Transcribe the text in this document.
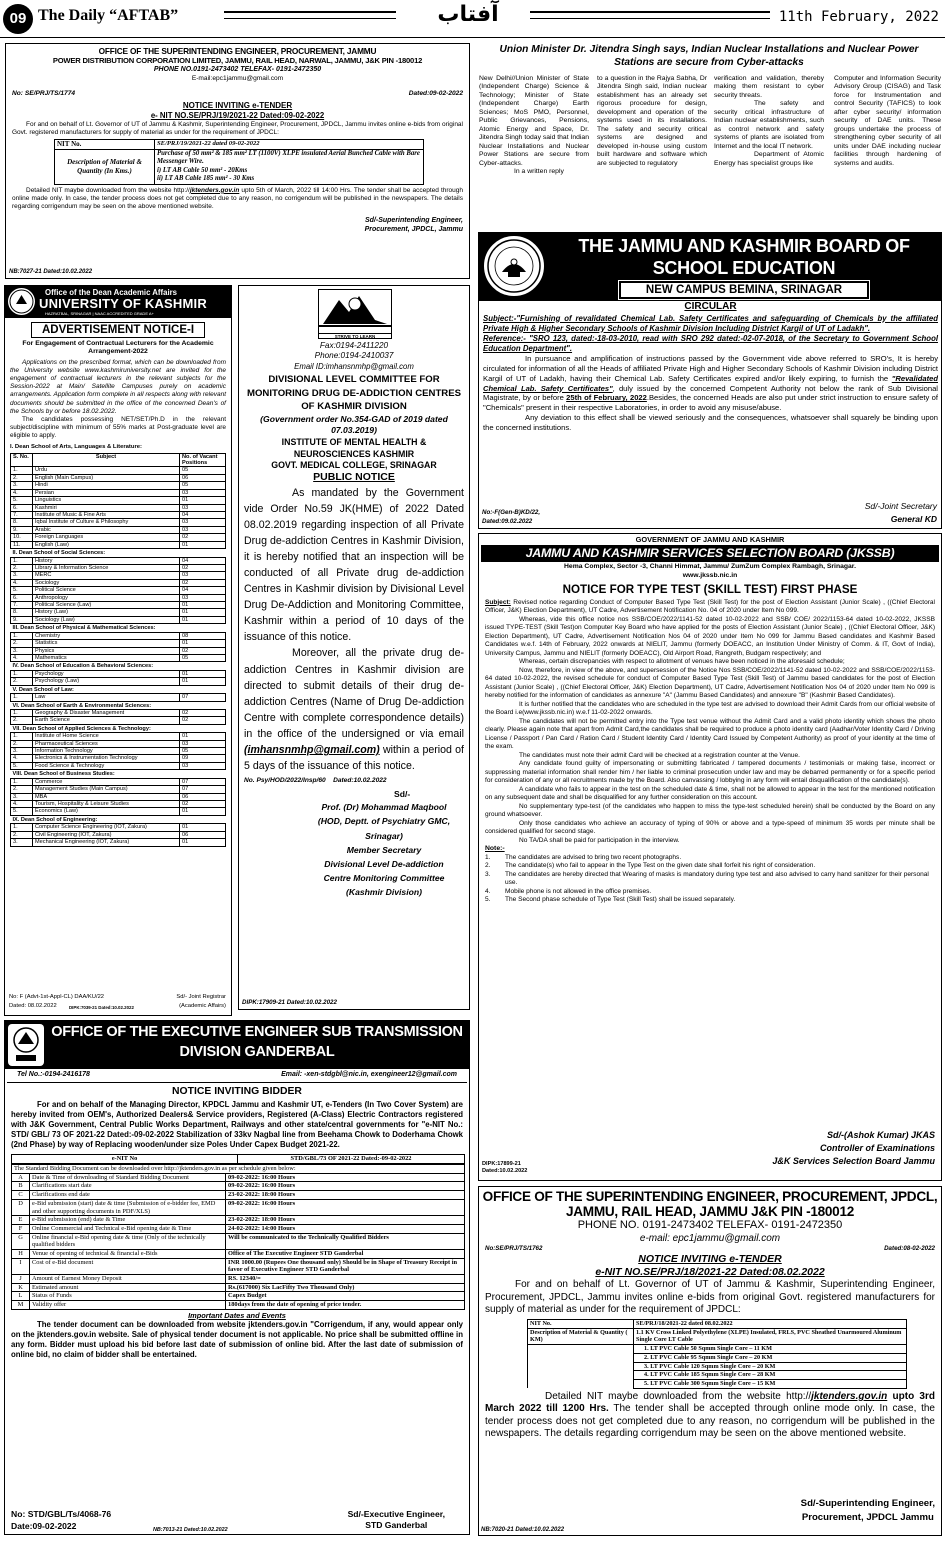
09 The Daily “AFTAB”	آفتاب	11th February, 2022
OFFICE OF THE SUPERINTENDING ENGINEER, PROCUREMENT, JAMMU
POWER DISTRIBUTION CORPORATION LIMITED, JAMMU, RAIL HEAD, NARWAL, JAMMU, J&K PIN -180012
PHONE NO.0191-2473402 TELEFAX- 0191-2472350
E-mail:epc1jammu@gmail.com
No: SE/PRJ/TS/1774	Dated:09-02-2022
NOTICE INVITING e-TENDER
e- NIT NO.SE/PRJ/19/2021-22 Dated:09-02-2022
For and on behalf of Lt. Governor of UT of Jammu & Kashmir, Superintending Engineer, Procurement, JPDCL, Jammu invites online e-bids from original Govt. registered manufacturers for supply of material as under for the requirement of JPDCL:
NIT No.	SE/PRJ/19/2021-22 dated 09-02-2022
Description of Material & Quantity (In Kms.)	Purchase of 50 mm² & 185 mm² LT (1100V) XLPE insulated Aerial Bunched Cable with Bare Messenger Wire.
i) LT AB Cable 50 mm² - 20Kms
ii) LT AB Cable 185 mm² - 30 Kms
Detailed NIT maybe downloaded from the website http://jktenders.gov.in upto 5th of March, 2022 till 14:00 Hrs. The tender shall be accepted through online made only. In case, the tender process does not get completed due to any reason, no corrigendum will be published in the newspapers. The details regarding corrigendum may be seen on the above mentioned website.
Sd/-Superintending Engineer,
Procurement, JPDCL, Jammu
NB:7027-21 Dated:10.02.2022
Union Minister Dr. Jitendra Singh says, Indian Nuclear Installations and Nuclear Power Stations are secure from Cyber-attacks
New Delhi//Union Minister of State (Independent Charge) Science & Technology; Minister of State (Independent Charge) Earth Sciences; MoS PMO, Personnel, Public Grievances, Pensions, Atomic Energy and Space, Dr. Jitendra Singh today said that Indian Nuclear Installations and Nuclear Power Stations are secure from Cyber-attacks.
In a written reply
to a question in the Rajya Sabha, Dr Jitendra Singh said, Indian nuclear establishment has an already set rigorous procedure for design, development and operation of the systems used in its installations. The safety and security critical systems are designed and developed in-house using custom built hardware and software which are subjected to regulatory
verification and validation, thereby making them resistant to cyber security threats.

The safety and security critical infrastructure of Indian nuclear establishments, such as control network and safety systems of plants are isolated from Internet and the local IT network.
Department of Atomic Energy has specialist groups like
Computer and Information Security Advisory Group (CISAG) and Task force for Instrumentation and control Security (TAFICS) to look after cyber security/ information security of DAE units. These groups undertake the process of strengthening cyber security of all units under DAE including nuclear facilities through hardening of systems and audits.
THE JAMMU AND KASHMIR BOARD OF
SCHOOL EDUCATION
NEW CAMPUS BEMINA, SRINAGAR
CIRCULAR
Subject:-"Furnishing of revalidated Chemical Lab. Safety Certificates and safeguarding of Chemicals by the affiliated Private High & Higher Secondary Schools of Kashmir Division Including District Kargil of UT of Ladakh".
Reference:- "SRO 123, dated:-18-03-2010, read with SRO 292 dated:-02-07-2018, of the Secretary to Government School Education Department".
In pursuance and amplification of instructions passed by the Government vide above referred to SRO's, It is hereby circulated for information of all the Heads of affiliated Private High and Higher Secondary Schools of Kashmir Division including District Kargil of UT of Ladakh, having their Chemical Lab. Safety Certificates expired and/or likely expiring, to furnish the "Revalidated Chemical Lab. Safety Certificates", duly issued by the concerned Competent Authority not below the rank of Sub Divisional Magistrate, by or before 25th of February, 2022.Besides, the concerned Heads are also put under strict instruction to ensure safety of "Chemicals" present in their respective Laboratories, in order to avoid any misuse/abuse.
Any deviation to this effect shall be viewed seriously and the consequences, whatsoever shall squarely be binding upon the concerned institutions.
Sd/-Joint Secretary
General KD
No:-F(Gen-B)KD/22,
Dated:09.02.2022
Office of the Dean Academic Affairs
UNIVERSITY OF KASHMIR
HAZRATBAL, SRINAGAR | NAAC ACCREDITED GRADE A+
ADVERTISEMENT NOTICE-I
For Engagement of Contractual Lecturers for the Academic Arrangement-2022
Applications on the prescribed format, which can be downloaded from the University website www.kashmiruniversity.net are invited for the engagement of contractual lecturers in the relevant subjects for the Session-2022 at Main/ Satellite Campuses purely on academic arrangements. Application form complete in all respects along with relevant documents should be submitted in the office of the concerned Dean's of the Schools by or before 18.02.2022.
The candidates possessing NET/SET/Ph.D in the relevant subject/discipline with minimum of 55% marks at Post-graduate level are eligible to apply.
I. Dean School of Arts, Languages & Literature:
S. No.	Subject	No. of Vacant Positions
1.	Urdu	05
2.	English (Main Campus)	06
3.	Hindi	05
4.	Persian	03
5.	Linguistics	01
6.	Kashmiri	03
7.	Institute of Music & Fine Arts	04
8.	Iqbal Institute of Culture & Philosophy	03
9.	Arabic	03
10.	Foreign Languages	02
11.	English (Law)	01
II. Dean School of Social Sciences:		
1.	History	04
2.	Library & Information Science	02
3.	MERC	03
4.	Sociology	02
5.	Political Science	04
6.	Anthropology	03
7.	Political Science (Law)	01
8.	History (Law)	01
9.	Sociology (Law)	01
III. Dean School of Physical & Mathematical Sciences:		
1.	Chemistry	08
2.	Statistics	01
3.	Physics	02
4.	Mathematics	05
IV. Dean School of Education & Behavioral Sciences:		
1.	Psychology	01
2.	Psychology (Law)	01
V. Dean School of Law:		
1.	Law	07
VI. Dean School of Earth & Environmental Sciences:		
1.	Geography & Disaster Management	02
2.	Earth Science	02
VII. Dean School of Applied Sciences & Technology:		
1.	Institute of Home Science	01
2.	Pharmaceutical Sciences	03
3.	Information Technology	05
4.	Electronics & Instrumentation Technology	09
5.	Food Science & Technology	03
VIII. Dean School of Business Studies:		
1.	Commerce	07
2.	Management Studies (Main Campus)	07
3.	MBA	06
4.	Tourism, Hospitality & Leisure Studies	02
5.	Economics (Law)	01
IX. Dean School of Engineering:		
1.	Computer Science Engineering (IOT, Zakura)	01
2.	Civil Engineering (IOT, Zakura)	06
3.	Mechanical Engineering (IOT, Zakura)	01
No: F (Advt-1st-Appl-CL) DAA/KU/22
Dated: 08.02.2022	DIPK:7039-21 Dated:10.02.2022
Sd/- Joint Registrar
(Academic Affairs)
STRIVE TO LEARN
Fax:0194-2411220
Phone:0194-2410037
Email ID:imhansnmhp@gmail.com
DIVISIONAL LEVEL COMMITTEE FOR MONITORING DRUG DE-ADDICTION CENTRES OF KASHMIR DIVISION
(Government order No.354-GAD of 2019 dated 07.03.2019)
INSTITUTE OF MENTAL HEALTH & NEUROSCIENCES KASHMIR
GOVT. MEDICAL COLLEGE, SRINAGAR
PUBLIC NOTICE
As mandated by the Government vide Order No.59 JK(HME) of 2022 Dated 08.02.2019 regarding inspection of all Private Drug de-addiction Centres in Kashmir Division, it is hereby notified that an inspection will be conducted of all Private drug de-addiction Centres in Kashmir division by Divisional Level Drug De-Addiction and Monitoring Committee, Kashmir within a period of 10 days of the issuance of this notice.
Moreover, all the private drug de-addiction Centres in Kashmir division are directed to submit details of their drug de-addiction Centres (Name of Drug De-addiction Centre with complete correspondence details) in the office of the undersigned or via email (imhansnmhp@gmail.com) within a period of 5 days of the issuance of this notice.
No. Psy/HOD/2022/Insp/60 Dated:10.02.2022
Sd/-
Prof. (Dr) Mohammad Maqbool
(HOD, Deptt. of Psychiatry GMC, Srinagar)
Member Secretary
Divisional Level De-addiction
Centre Monitoring Committee
(Kashmir Division)
DIPK:17909-21 Dated:10.02.2022
GOVERNMENT OF JAMMU AND KASHMIR
JAMMU AND KASHMIR SERVICES SELECTION BOARD (JKSSB)
Hema Complex, Sector -3, Channi Himmat, Jammu/ ZumZum Complex Rambagh, Srinagar.
www.jkssb.nic.in
NOTICE FOR TYPE TEST (SKILL TEST) FIRST PHASE
Subject: Revised notice regarding Conduct of Computer Based Type Test (Skill Test) for the post of Election Assistant (Junior Scale) , ((Chief Electoral Officer, J&K) Election Department), UT Cadre, Advertisement Notification No. 04 of 2020 under Item No 099.
Whereas, vide this office notice nos SSB/COE/2022/1141-52 dated 10-02-2022 and SSB/ COE/ 2022/1153-64 dated 10-02-2022, JKSSB issued TYPE-TEST (Skill Test)on Computer Key Board who have applied for the posts of Election Assistant (Junior Scale) , ((Chief Electoral Officer, J&K) Election Department), UT Cadre, Advertisement Notification Nos 04 of 2020 under Item No 099 for Jammu Based candidates and Kashmir Based Candidates w.e.f. 14th of February, 2022 onwards at NIELIT, Jammu (formerly DOEACC, an Institution Under Ministry of Comm. & IT, Govt of India), University Campus, Jammu and NIELIT (formerly DOEACC), Old Airport Road, Rangreth, Budgam respectively; and
Whereas, certain discrepancies with respect to allotment of venues have been noticed in the aforesaid schedule;
Now, therefore, in view of the above, and supersession of the Notice Nos SSB/COE/2022/1141-52 dated 10-02-2022 and SSB/COE/2022/1153-64 dated 10-02-2022, the revised schedule for conduct of Computer Based Type Test (Skill Test) of Jammu based candidates for the post of Election Assistant (Junior Scale) , ((Chief Electoral Officer, J&K) Election Department), UT Cadre, Advertisement Notification Nos 04 of 2020 under Item No 099 is hereby notified for the information of candidates as annexure "A" (Jammu Based Candidates) and annexure "B" (Kashmir Based Candidates).
It is further notified that the candidates who are scheduled in the type test are advised to download their Admit Cards from our official website of the Board i.e(www.jkssb.nic.in) w.e.f 11-02-2022 onwards.
The candidates will not be permitted entry into the Type test venue without the Admit Card and a valid photo identity which shows the photo clearly. Please again note that apart from Admit Card,the candidates shall be required to produce a photo identity card (Aadhar/Voter Identity Card / Driving License / Passport / Pan Card / Ration Card / Student Identity Card / Identity Card Issued by Competent Authority) as proof of your identity at the time of the exam.
The candidates must note their admit Card will be checked at a registration counter at the Venue.
Any candidate found guilty of impersonating or submitting fabricated / tampered documents / testimonials or making false, incorrect or suppressing material information shall render him / her liable to criminal prosecution under law and may be debarred permanently or for a specific period for consideration of any or all recruitments made by the Board. Also canvassing / lobbying in any form will entail disqualification of the candidate(s).
A candidate who fails to appear in the test on the scheduled date & time, shall not be allowed to appear in the test for the mentioned notification on any subsequent date and shall be disqualified for any further consideration on this account.
No supplementary type-test (of the candidates who happen to miss the type-test scheduled herein) shall be conducted by the Board on any ground whatsoever.
Only those candidates who achieve an accuracy of typing of 90% or above and a type-speed of minimum 35 words per minute shall be considered qualified for second stage.
No TA/DA shall be paid for participation in the interview.
Note:-
1.	The candidates are advised to bring two recent photographs.
2.	The candidate(s) who fail to appear in the Type Test on the given date shall forfeit his right of consideration.
3.	The candidates are hereby directed that Wearing of masks is mandatory during type test and also advised to carry hand sanitizer for their personal use.
4.	Mobile phone is not allowed in the office premises.
5.	The Second phase schedule of Type Test (Skill Test) shall be issued separately.
Sd/-(Ashok Kumar) JKAS
Controller of Examinations
J&K Services Selection Board Jammu
DIPK:17899-21
Dated:10.02.2022
OFFICE OF THE EXECUTIVE ENGINEER SUB TRANSMISSION
DIVISION GANDERBAL
Tel No.:-0194-2416178	Email: -xen-stdgbl@nic.in, exengineer12@gmail.com
NOTICE INVITING BIDDER
For and on behalf of the Managing Director, KPDCL Jammu and Kashmir UT, e-Tenders (In Two Cover System) are hereby invited from OEM's, Authorized Dealers& Service providers, Registered (A-Class) Electric Contractors registered with J&K Government, Central Public Works Department, Railways and other state/central governments for "e-NIT No.: STD/ GBL/ 73 OF 2021-22 Dated:-09-02-2022 Stabilization of 33kv Nagbal line from Beehama Chowk to Doderhama Chowk (2nd Phase) by way of Replacing wooden/under size Poles Under Capex Budget 2021-22.
e-NIT No	STD/GBL/73 OF 2021-22 Dated:-09-02-2022
The Standard Bidding Document can be downloaded over http://jktenders.gov.in as per schedule given below:		
A	Date & Time of downloading of Standard Bidding Document	09-02-2022: 16:00 Hours
B	Clarifications start date	09-02-2022: 16:00 Hours
C	Clarifications end date	23-02-2022: 18:00 Hours
D	e-Bid submission (start) date & time (Submission of e-bidder fee, EMD and other supporting documents in PDF/XLS)	09-02-2022: 16:00 Hours
E	e-Bid submission (end) date & Time	23-02-2022: 18:00 Hours
F	Online Commercial and Technical e-Bid opening date & Time	24-02-2022: 14:00 Hours
G	Online financial e-Bid opening date & time (Only of the technically qualified bidders	Will be communicated to the Technically Qualified Bidders
H	Venue of opening of technical & financial e-Bids	Office of The Executive Engineer STD Ganderbal
I	Cost of e-Bid document	INR 1000.00 (Rupees One thousand only) Should be in Shape of Treasury Receipt in favor of Executive Engineer STD Ganderbal
J	Amount of Earnest Money Deposit	RS. 12340/=
K	Estimated amount	Rs.(617000) Six LacFifty Two Thousand Only)
L	Status of Funds	Capex Budget
M	Validity offer	180days from the date of opening of price tender.
Important Dates and Events
The tender document can be downloaded from website jktenders.gov.in "Corrigendum, if any, would appear only on the jktenders.gov.in website. Sale of physical tender document is not applicable. No price shall be submitted offline in any form. Bidder must upload his bid before last date of submission of online bid. After the last date of submission of online bid, no claim of bidder shall be entertained.
No: STD/GBL/Ts/4068-76
Date:09-02-2022
Sd/-Executive Engineer,
STD Ganderbal
NB:7013-21 Dated:10.02.2022
OFFICE OF THE SUPERINTENDING ENGINEER, PROCUREMENT, JPDCL,
JAMMU, RAIL HEAD, JAMMU J&K PIN -180012
PHONE NO. 0191-2473402 TELEFAX- 0191-2472350
e-mail: epc1jammu@gmail.com
No:SE/PRJ/TS/1762	Dated:08-02-2022
NOTICE INVITING e-TENDER
e-NIT NO.SE/PRJ/18/2021-22 Dated:08.02.2022
For and on behalf of Lt. Governor of UT of Jammu & Kashmir, Superintending Engineer, Procurement, JPDCL, Jammu invites online e-bids from original Govt. registered manufacturers for supply of material as under for the requirement of JPDCL:
NIT No.	SE/PRJ/18/2021-22 dated 08.02.2022
Description of Material & Quantity ( KM)	1.1 KV Cross Linked Polyethylene (XLPE) Insulated, FRLS, PVC Sheathed Unarmoured Aluminum Single Core LT Cable
	1. LT PVC Cable 50 Sqmm Single Core – 11 KM
	2. LT PVC Cable 95 Sqmm Single Core – 20 KM
	3. LT PVC Cable 120 Sqmm Single Core – 20 KM
	4. LT PVC Cable 185 Sqmm Single Core – 28 KM
	5. LT PVC Cable 300 Sqmm Single Core – 15 KM
Detailed NIT maybe downloaded from the website http://jktenders.gov.in upto 3rd March 2022 till 1200 Hrs. The tender shall be accepted through online mode only. In case, the tender process does not get completed due to any reason, no corrigendum will be published in the newspapers. The details regarding corrigendum may be seen on the above mentioned website.
Sd/-Superintending Engineer,
Procurement, JPDCL Jammu
NB:7020-21 Dated:10.02.2022
